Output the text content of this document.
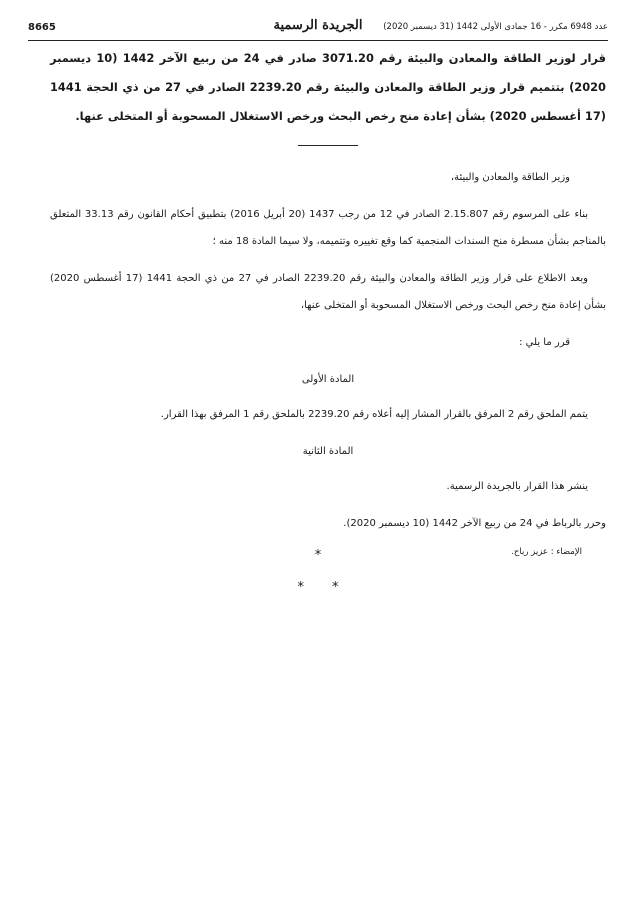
8665	الجريدة الرسمية	عدد 6948 مكرر - 16 جمادى الأولى 1442 (31 ديسمبر 2020)

قرار لوزير الطاقة والمعادن والبيئة رقم 3071.20 صادر في 24 من ربيع الآخر 1442 (10 ديسمبر 2020) بتتميم قرار وزير الطاقة والمعادن والبيئة رقم 2239.20 الصادر في 27 من ذي الحجة 1441 (17 أغسطس 2020) بشأن إعادة منح رخص البحث ورخص الاستغلال المسحوبة أو المتخلى عنها.

وزير الطاقة والمعادن والبيئة،

بناء على المرسوم رقم 2.15.807 الصادر في 12 من رجب 1437 (20 أبريل 2016) بتطبيق أحكام القانون رقم 33.13 المتعلق بالمناجم بشأن مسطرة منح السندات المنجمية كما وقع تغييره وتتميمه، ولا سيما المادة 18 منه ؛

وبعد الاطلاع على قرار وزير الطاقة والمعادن والبيئة رقم 2239.20 الصادر في 27 من ذي الحجة 1441 (17 أغسطس 2020) بشأن إعادة منح رخص البحث ورخص الاستغلال المسحوبة أو المتخلى عنها،

قرر ما يلي :

المادة الأولى

يتمم الملحق رقم 2 المرفق بالقرار المشار إليه أعلاه رقم 2239.20 بالملحق رقم 1 المرفق بهذا القرار.

المادة الثانية

ينشر هذا القرار بالجريدة الرسمية.

وحرر بالرباط في 24 من ربيع الآخر 1442 (10 ديسمبر 2020).

الإمضاء : عزيز رباح.

*
* *
